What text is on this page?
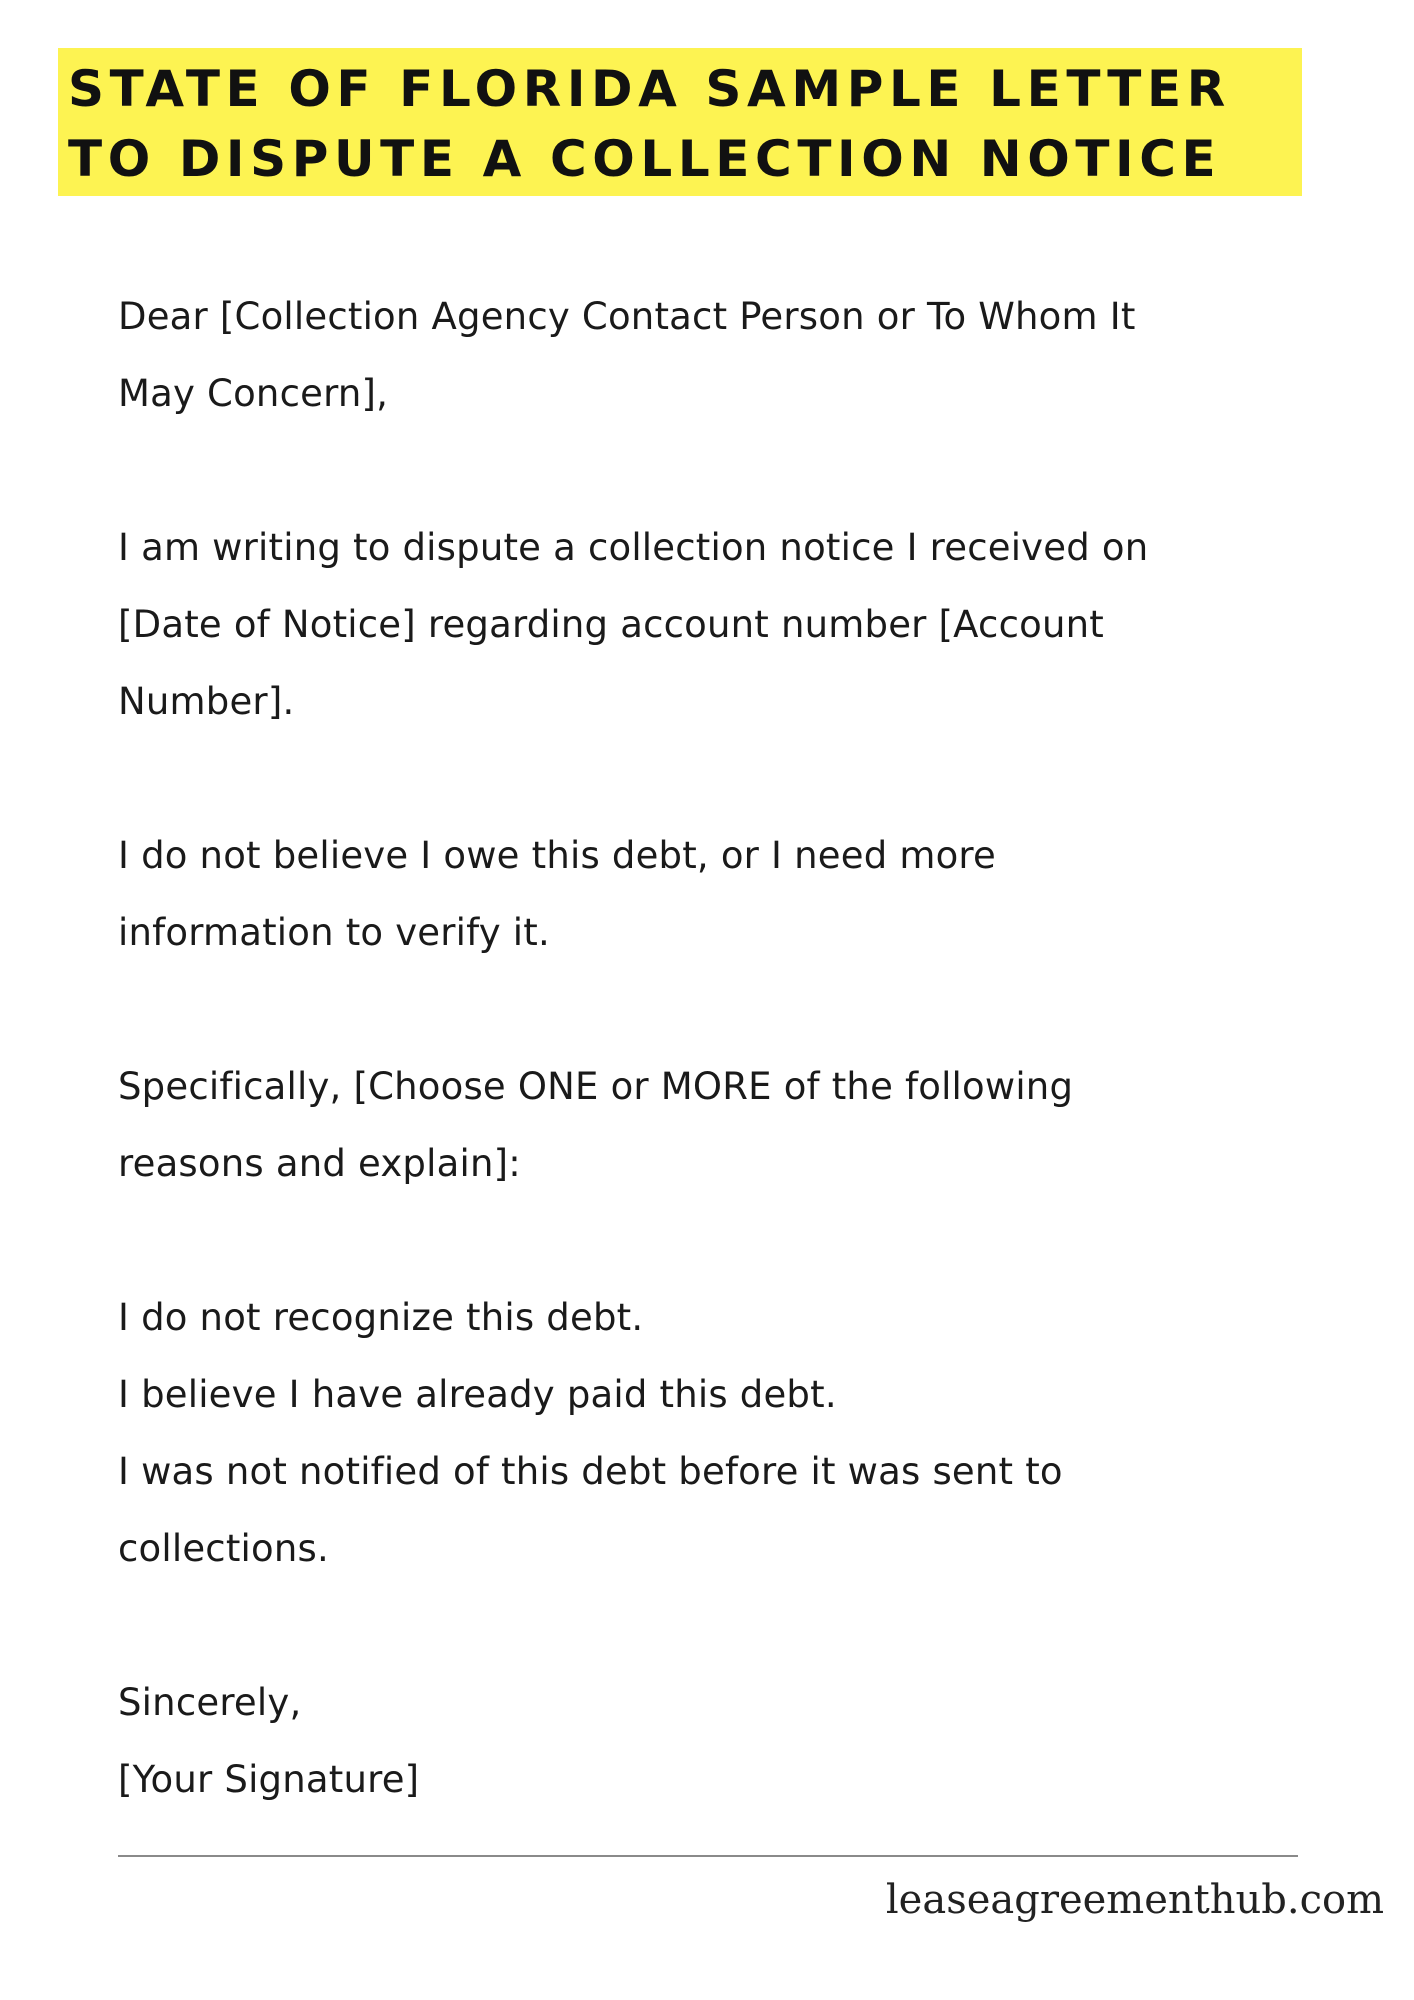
STATE OF FLORIDA SAMPLE LETTER
TO DISPUTE A COLLECTION NOTICE
Dear [Collection Agency Contact Person or To Whom It
May Concern],
I am writing to dispute a collection notice I received on
[Date of Notice] regarding account number [Account
Number].
I do not believe I owe this debt, or I need more
information to verify it.
Specifically, [Choose ONE or MORE of the following
reasons and explain]:
I do not recognize this debt.
I believe I have already paid this debt.
I was not notified of this debt before it was sent to
collections.
Sincerely,
[Your Signature]
leaseagreementhub.com
